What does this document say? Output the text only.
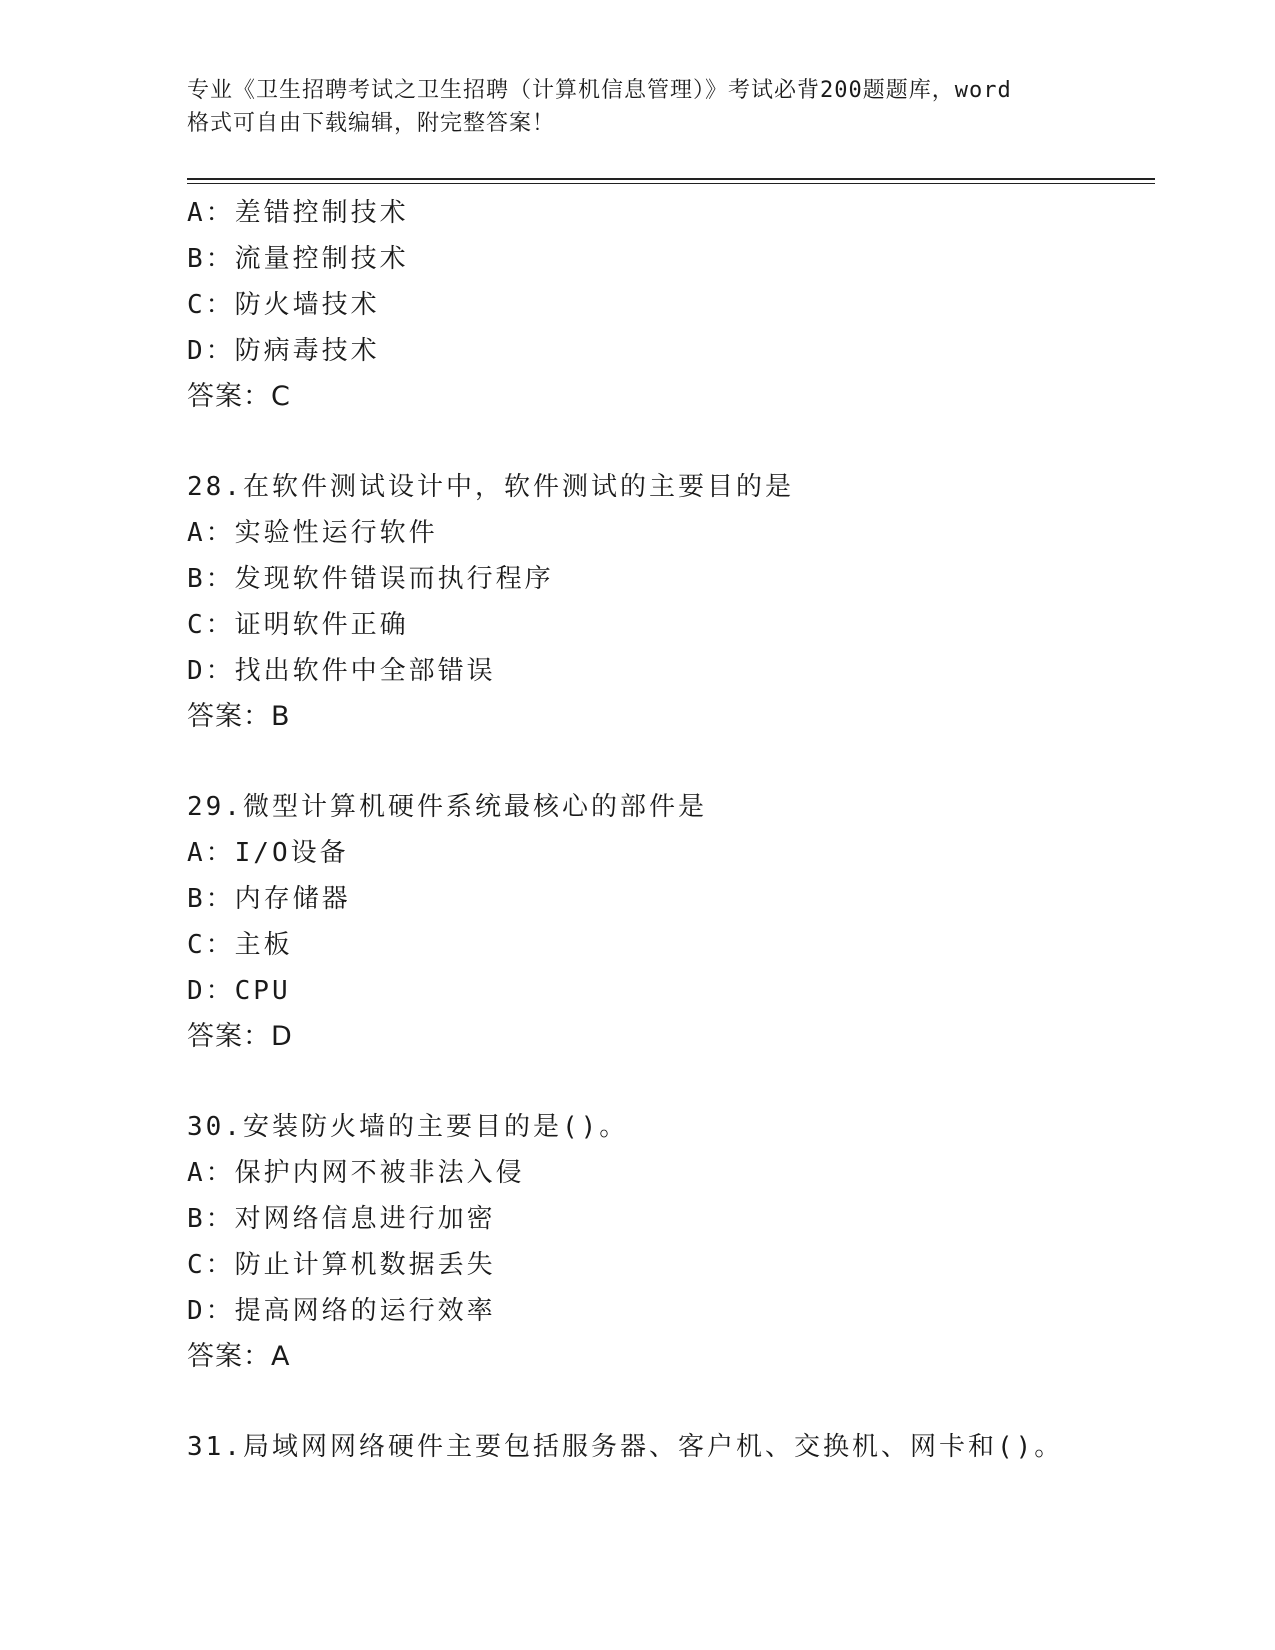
专业《卫生招聘考试之卫生招聘（计算机信息管理）》考试必背200题题库，word
格式可自由下载编辑，附完整答案！
A：差错控制技术
B：流量控制技术
C：防火墙技术
D：防病毒技术
答案：C
28.在软件测试设计中，软件测试的主要目的是
A：实验性运行软件
B：发现软件错误而执行程序
C：证明软件正确
D：找出软件中全部错误
答案：B
29.微型计算机硬件系统最核心的部件是
A：I/O设备
B：内存储器
C：主板
D：CPU
答案：D
30.安装防火墙的主要目的是()。
A：保护内网不被非法入侵
B：对网络信息进行加密
C：防止计算机数据丢失
D：提高网络的运行效率
答案：A
31.局域网网络硬件主要包括服务器、客户机、交换机、网卡和()。
